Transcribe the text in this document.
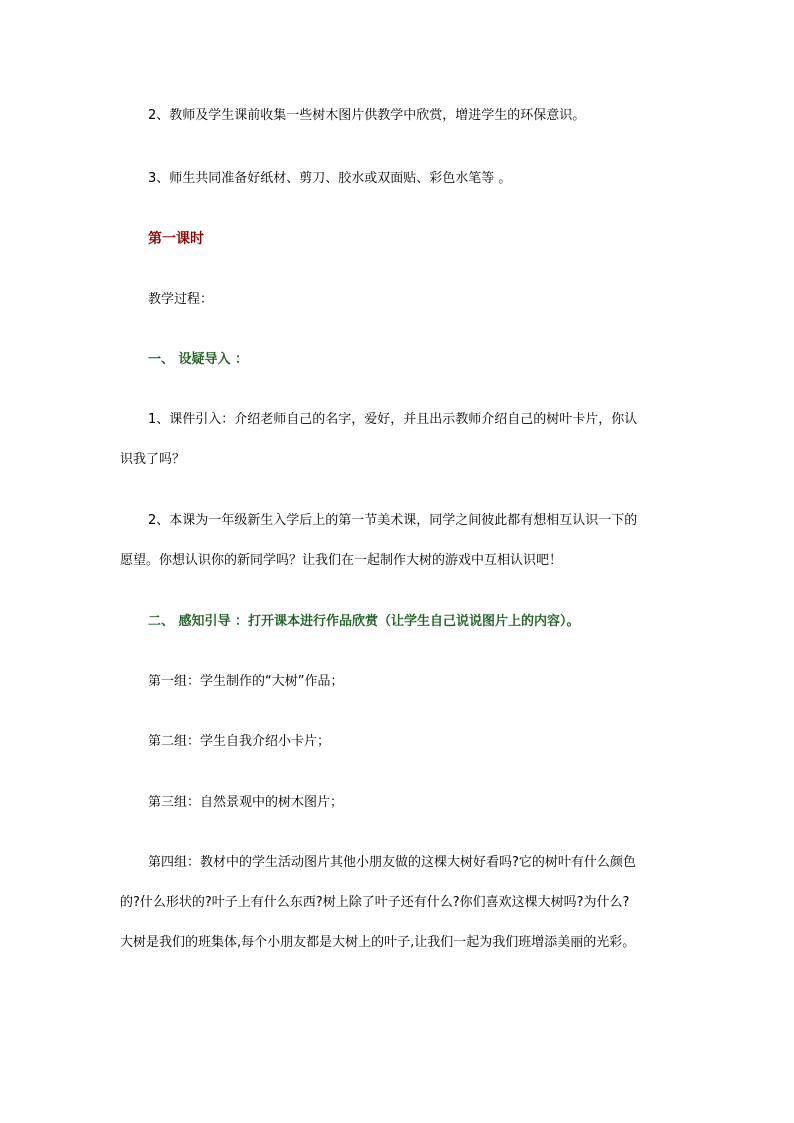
2、教师及学生课前收集一些树木图片供教学中欣赏，增进学生的环保意识。
3、师生共同准备好纸材、剪刀、胶水或双面贴、彩色水笔等 。
第一课时
教学过程：
一、 设疑导入 ：
1、课件引入：介绍老师自己的名字，爱好，并且出示教师介绍自己的树叶卡片，你认
识我了吗？
2、本课为一年级新生入学后上的第一节美术课，同学之间彼此都有想相互认识一下的
愿望。你想认识你的新同学吗？让我们在一起制作大树的游戏中互相认识吧！
二、 感知引导 ：打开课本进行作品欣赏（让学生自己说说图片上的内容）。
第一组：学生制作的“大树”作品；
第二组：学生自我介绍小卡片；
第三组：自然景观中的树木图片；
第四组：教材中的学生活动图片其他小朋友做的这棵大树好看吗?它的树叶有什么颜色
的?什么形状的?叶子上有什么东西?树上除了叶子还有什么?你们喜欢这棵大树吗?为什么?
大树是我们的班集体,每个小朋友都是大树上的叶子,让我们一起为我们班增添美丽的光彩。
